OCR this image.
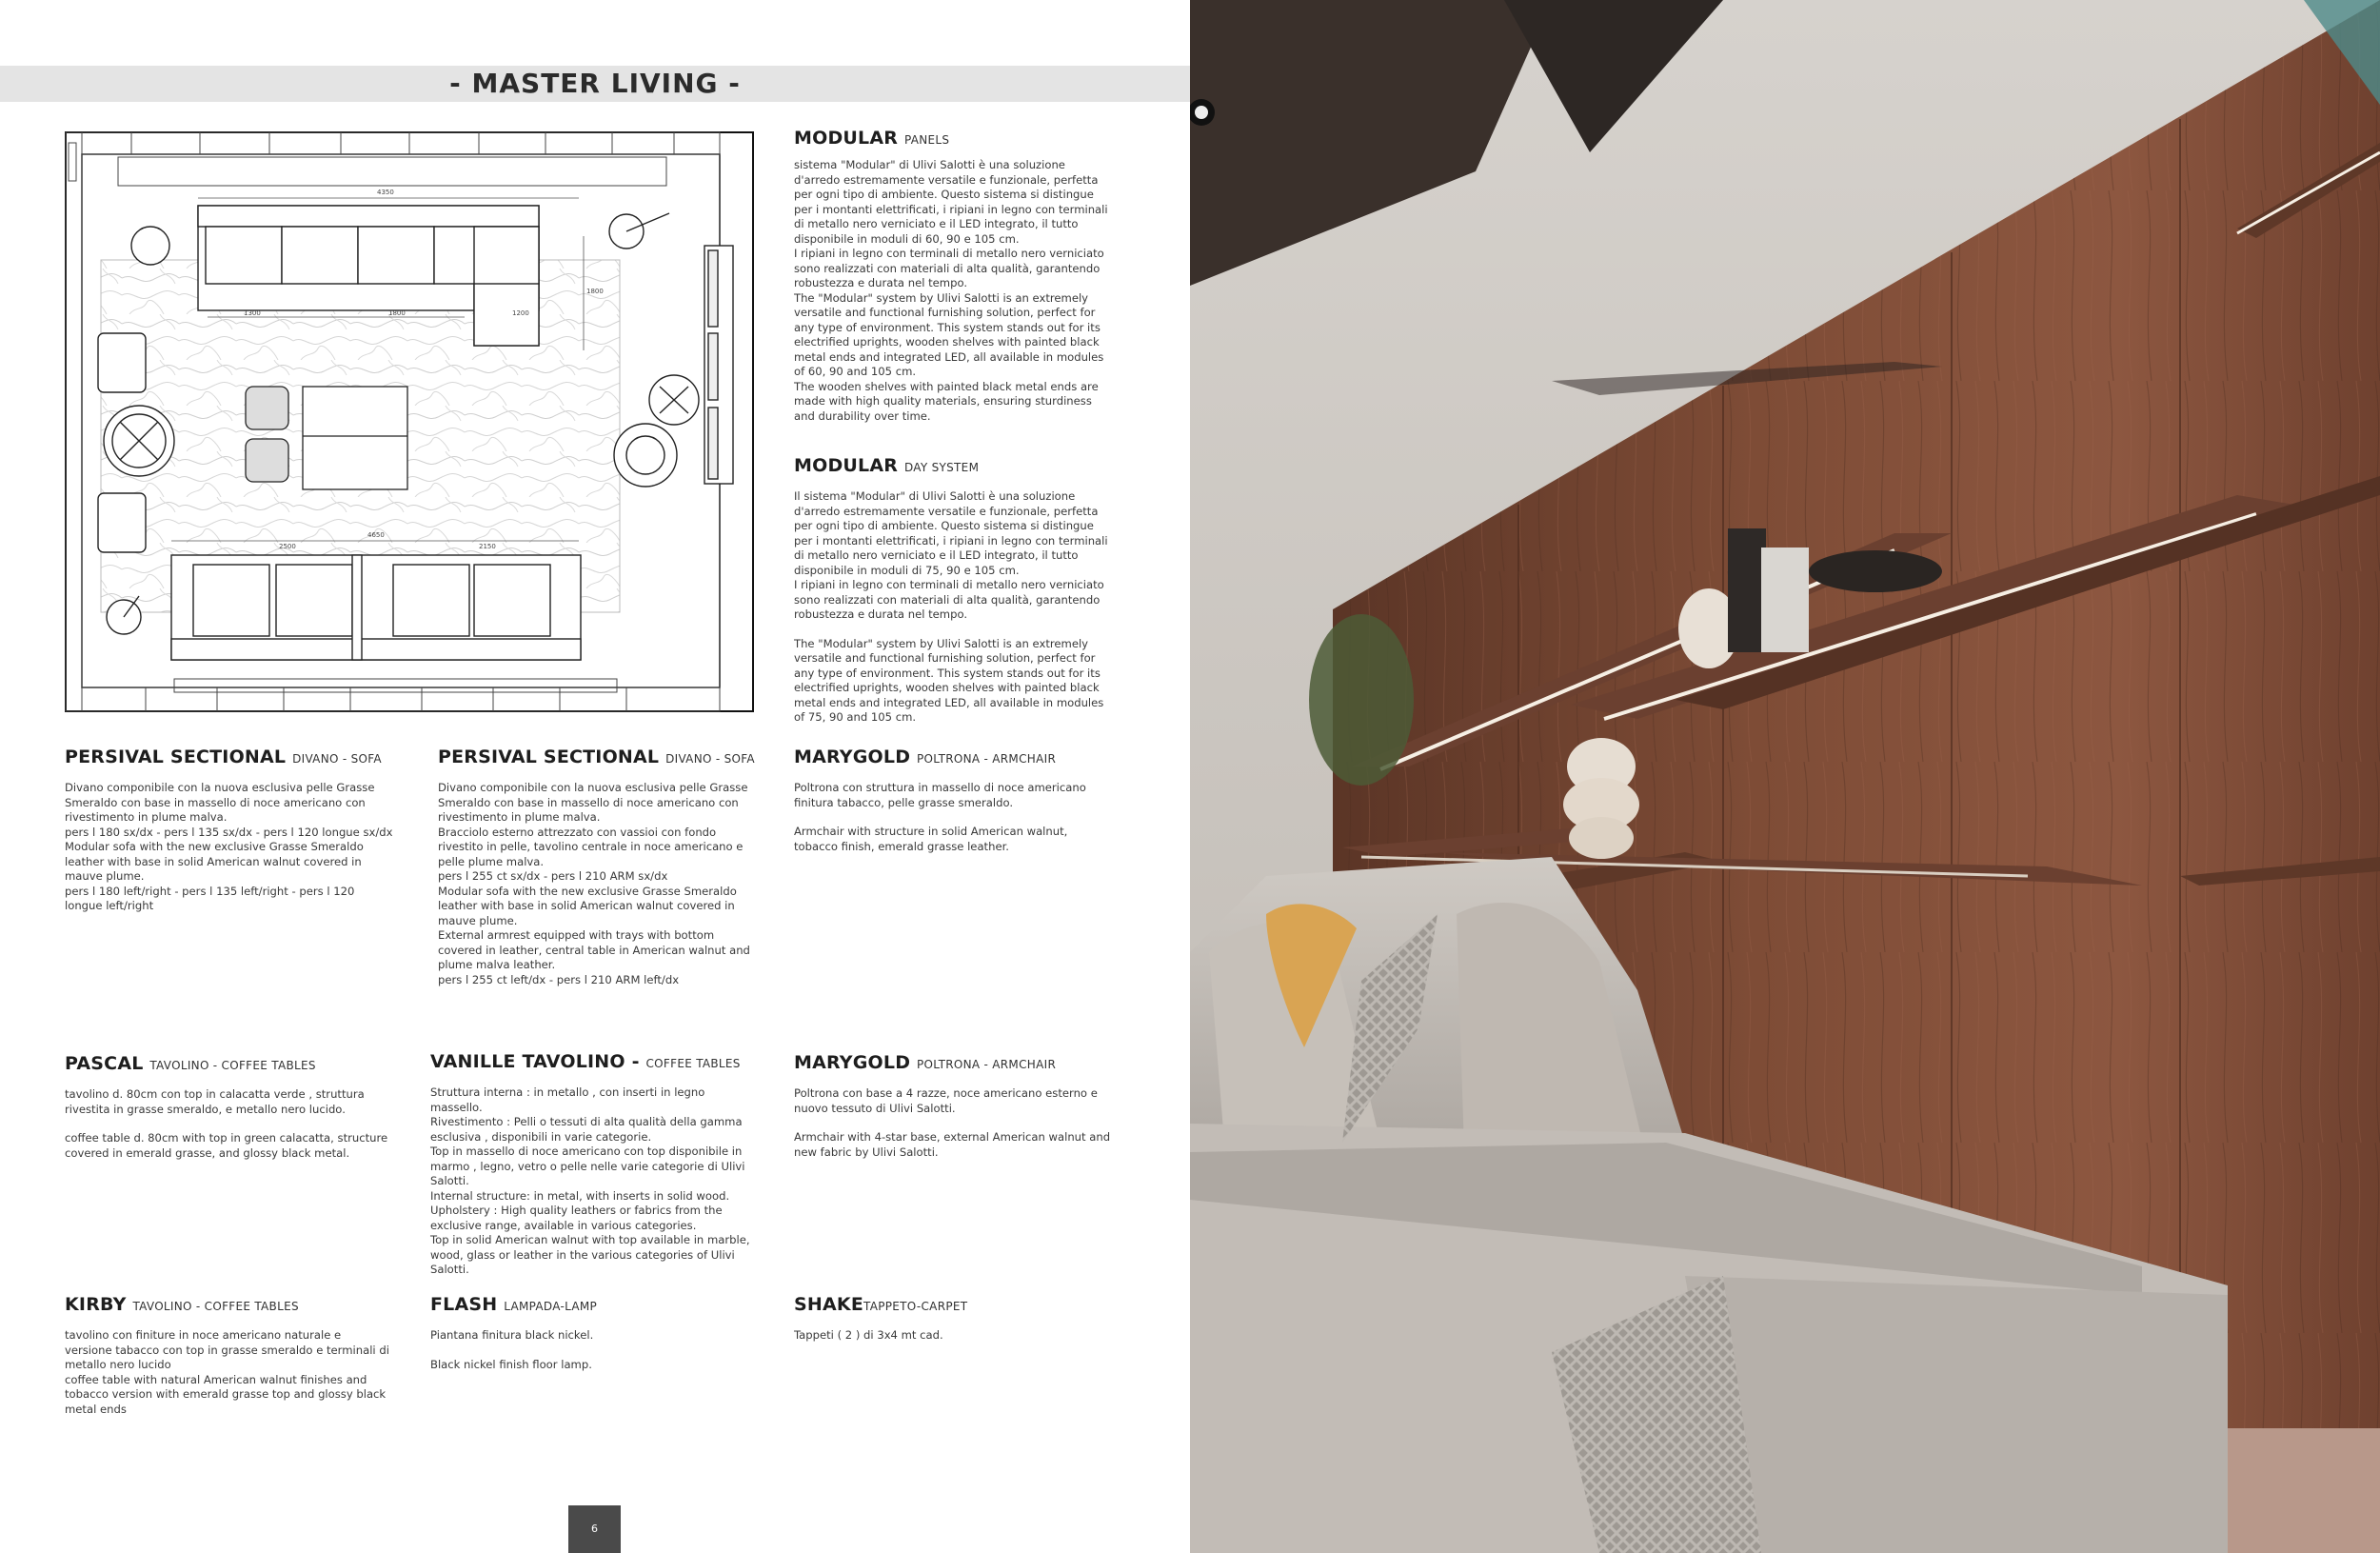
- MASTER LIVING -
4350
1800
1300	1800	1200
4650
2500	2150
MODULAR PANELS

sistema "Modular" di Ulivi Salotti è una soluzione
d'arredo estremamente versatile e funzionale, perfetta
per ogni tipo di ambiente. Questo sistema si distingue
per i montanti elettrificati, i ripiani in legno con terminali
di metallo nero verniciato e il LED integrato, il tutto
disponibile in moduli di 60, 90 e 105 cm.
I ripiani in legno con terminali di metallo nero verniciato
sono realizzati con materiali di alta qualità, garantendo
robustezza e durata nel tempo.
The "Modular" system by Ulivi Salotti is an extremely
versatile and functional furnishing solution, perfect for
any type of environment. This system stands out for its
electrified uprights, wooden shelves with painted black
metal ends and integrated LED, all available in modules
of 60, 90 and 105 cm.
The wooden shelves with painted black metal ends are
made with high quality materials, ensuring sturdiness
and durability over time.

MODULAR DAY SYSTEM

Il sistema "Modular" di Ulivi Salotti è una soluzione
d'arredo estremamente versatile e funzionale, perfetta
per ogni tipo di ambiente. Questo sistema si distingue
per i montanti elettrificati, i ripiani in legno con terminali
di metallo nero verniciato e il LED integrato, il tutto
disponibile in moduli di 75, 90 e 105 cm.
I ripiani in legno con terminali di metallo nero verniciato
sono realizzati con materiali di alta qualità, garantendo
robustezza e durata nel tempo.

The "Modular" system by Ulivi Salotti is an extremely
versatile and functional furnishing solution, perfect for
any type of environment. This system stands out for its
electrified uprights, wooden shelves with painted black
metal ends and integrated LED, all available in modules
of 75, 90 and 105 cm.

PERSIVAL SECTIONAL DIVANO - SOFA

Divano componibile con la nuova esclusiva pelle Grasse
Smeraldo con base in massello di noce americano con
rivestimento in plume malva.
pers l 180 sx/dx - pers l 135 sx/dx - pers l 120 longue sx/dx
Modular sofa with the new exclusive Grasse Smeraldo
leather with base in solid American walnut covered in
mauve plume.
pers l 180 left/right - pers l 135 left/right - pers l 120
longue left/right

PERSIVAL SECTIONAL DIVANO - SOFA

Divano componibile con la nuova esclusiva pelle Grasse
Smeraldo con base in massello di noce americano con
rivestimento in plume malva.
Bracciolo esterno attrezzato con vassioi con fondo
rivestito in pelle, tavolino centrale in noce americano e
pelle plume malva.
pers l 255 ct sx/dx - pers l 210 ARM sx/dx
Modular sofa with the new exclusive Grasse Smeraldo
leather with base in solid American walnut covered in
mauve plume.
External armrest equipped with trays with bottom
covered in leather, central table in American walnut and
plume malva leather.
pers l 255 ct left/dx - pers l 210 ARM left/dx

MARYGOLD POLTRONA - ARMCHAIR

Poltrona con struttura in massello di noce americano
finitura tabacco, pelle grasse smeraldo.

Armchair with structure in solid American walnut,
tobacco finish, emerald grasse leather.

PASCAL TAVOLINO - COFFEE TABLES

tavolino d. 80cm con top in calacatta verde , struttura
rivestita in grasse smeraldo, e metallo nero lucido.

coffee table d. 80cm with top in green calacatta, structure
covered in emerald grasse, and glossy black metal.

VANILLE TAVOLINO - COFFEE TABLES

Struttura interna : in metallo , con inserti in legno
massello.
Rivestimento : Pelli o tessuti di alta qualità della gamma
esclusiva , disponibili in varie categorie.
Top in massello di noce americano con top disponibile in
marmo , legno, vetro o pelle nelle varie categorie di Ulivi
Salotti.
Internal structure: in metal, with inserts in solid wood.
Upholstery : High quality leathers or fabrics from the
exclusive range, available in various categories.
Top in solid American walnut with top available in marble,
wood, glass or leather in the various categories of Ulivi
Salotti.

MARYGOLD POLTRONA - ARMCHAIR

Poltrona con base a 4 razze, noce americano esterno e
nuovo tessuto di Ulivi Salotti.

Armchair with 4-star base, external American walnut and
new fabric by Ulivi Salotti.

KIRBY TAVOLINO - COFFEE TABLES

tavolino con finiture in noce americano naturale e
versione tabacco con top in grasse smeraldo e terminali di
metallo nero lucido
coffee table with natural American walnut finishes and
tobacco version with emerald grasse top and glossy black
metal ends

FLASH LAMPADA-LAMP

Piantana finitura black nickel.

Black nickel finish floor lamp.

SHAKETAPPETO-CARPET

Tappeti ( 2 ) di 3x4 mt cad.

6
